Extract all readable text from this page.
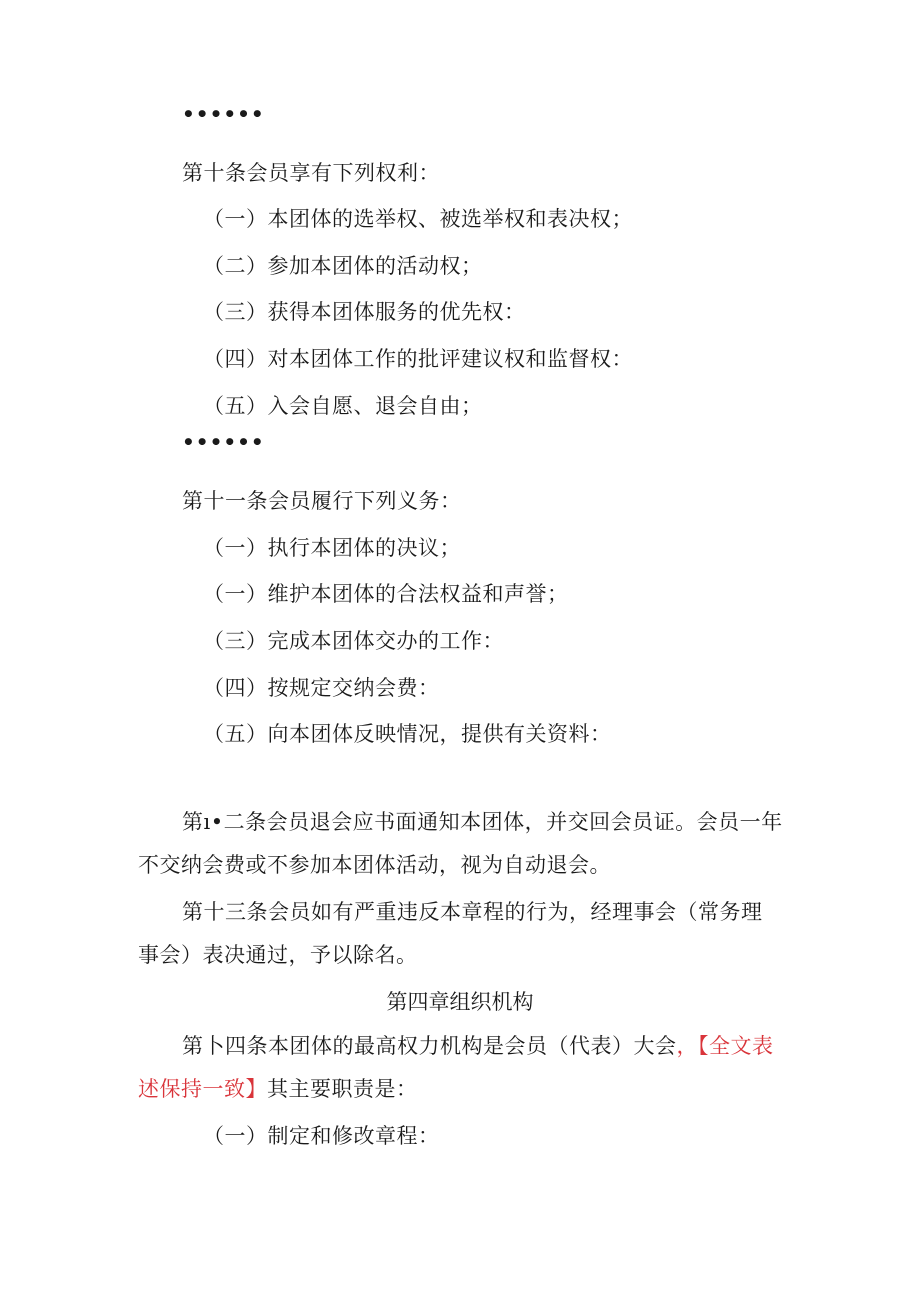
••••••
第十条会员享有下列权利：
（一）本团体的选举权、被选举权和表决权；
（二）参加本团体的活动权；
（三）获得本团体服务的优先权：
（四）对本团体工作的批评建议权和监督权：
（五）入会自愿、退会自由；
••••••
第十一条会员履行下列义务：
（一）执行本团体的决议；
（一）维护本团体的合法权益和声誉；
（三）完成本团体交办的工作：
（四）按规定交纳会费：
（五）向本团体反映情况，提供有关资料：
第ı•二条会员退会应书面通知本团体，并交回会员证。会员一年
不交纳会费或不参加本团体活动，视为自动退会。
第十三条会员如有严重违反本章程的行为，经理事会（常务理
事会）表决通过，予以除名。
第四章组织机构
第卜四条本团体的最高权力机构是会员（代表）大会，【全文表
述保持一致】其主要职责是：
（一）制定和修改章程：
